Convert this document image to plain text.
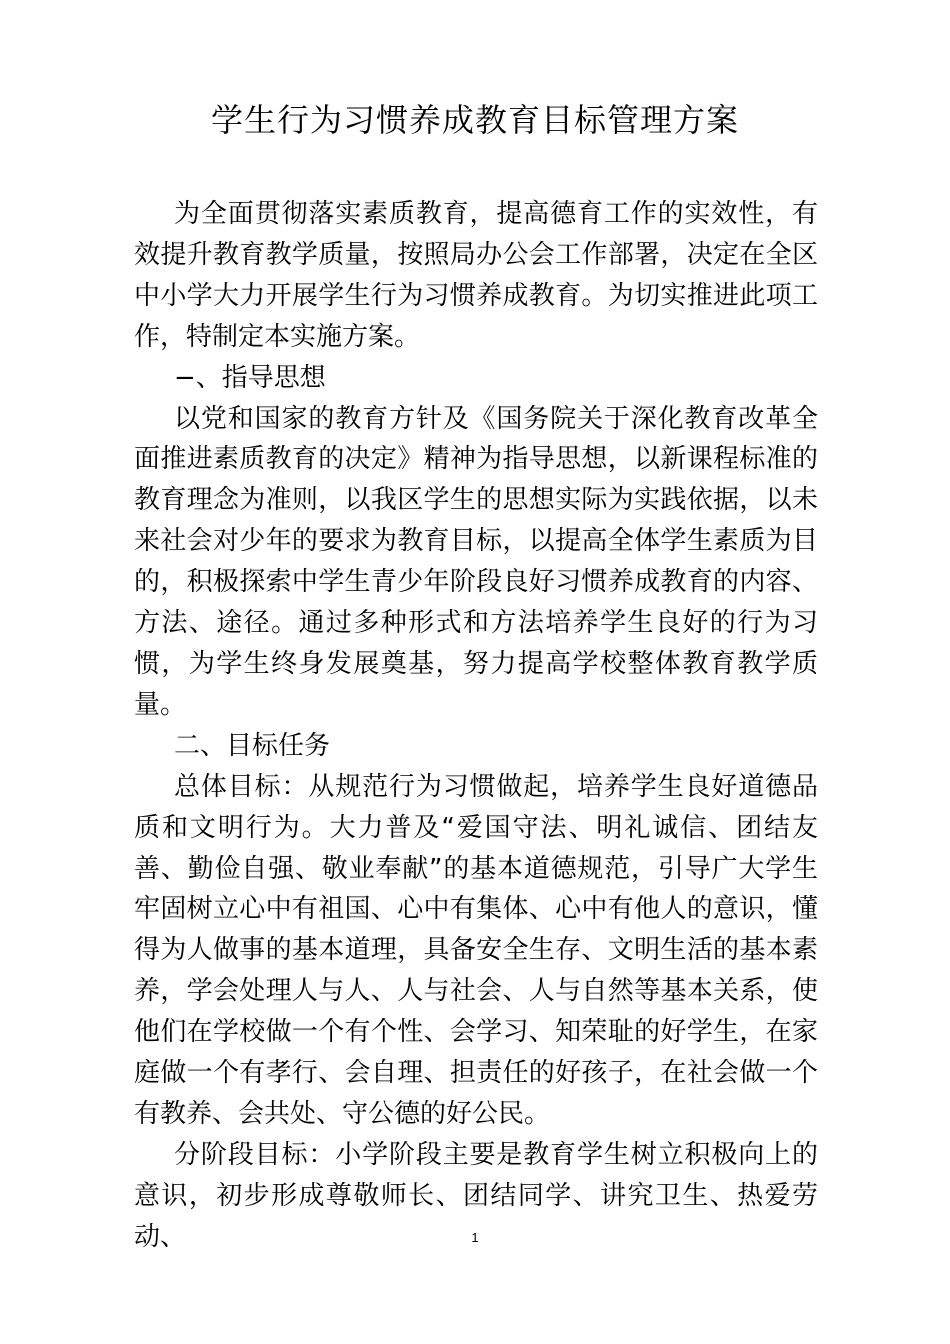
学生行为习惯养成教育目标管理方案

为全面贯彻落实素质教育，提高德育工作的实效性，有效提升教育教学质量，按照局办公会工作部署，决定在全区中小学大力开展学生行为习惯养成教育。为切实推进此项工作，特制定本实施方案。

−、指导思想

以党和国家的教育方针及《国务院关于深化教育改革全面推进素质教育的决定》精神为指导思想，以新课程标准的教育理念为准则，以我区学生的思想实际为实践依据，以未来社会对少年的要求为教育目标，以提高全体学生素质为目的，积极探索中学生青少年阶段良好习惯养成教育的内容、方法、途径。通过多种形式和方法培养学生良好的行为习惯，为学生终身发展奠基，努力提高学校整体教育教学质量。

二、目标任务

总体目标：从规范行为习惯做起，培养学生良好道德品质和文明行为。大力普及“爱国守法、明礼诚信、团结友善、勤俭自强、敬业奉献”的基本道德规范，引导广大学生牢固树立心中有祖国、心中有集体、心中有他人的意识，懂得为人做事的基本道理，具备安全生存、文明生活的基本素养，学会处理人与人、人与社会、人与自然等基本关系，使他们在学校做一个有个性、会学习、知荣耻的好学生，在家庭做一个有孝行、会自理、担责任的好孩子，在社会做一个有教养、会共处、守公德的好公民。

分阶段目标：小学阶段主要是教育学生树立积极向上的意识，初步形成尊敬师长、团结同学、讲究卫生、热爱劳动、	1
